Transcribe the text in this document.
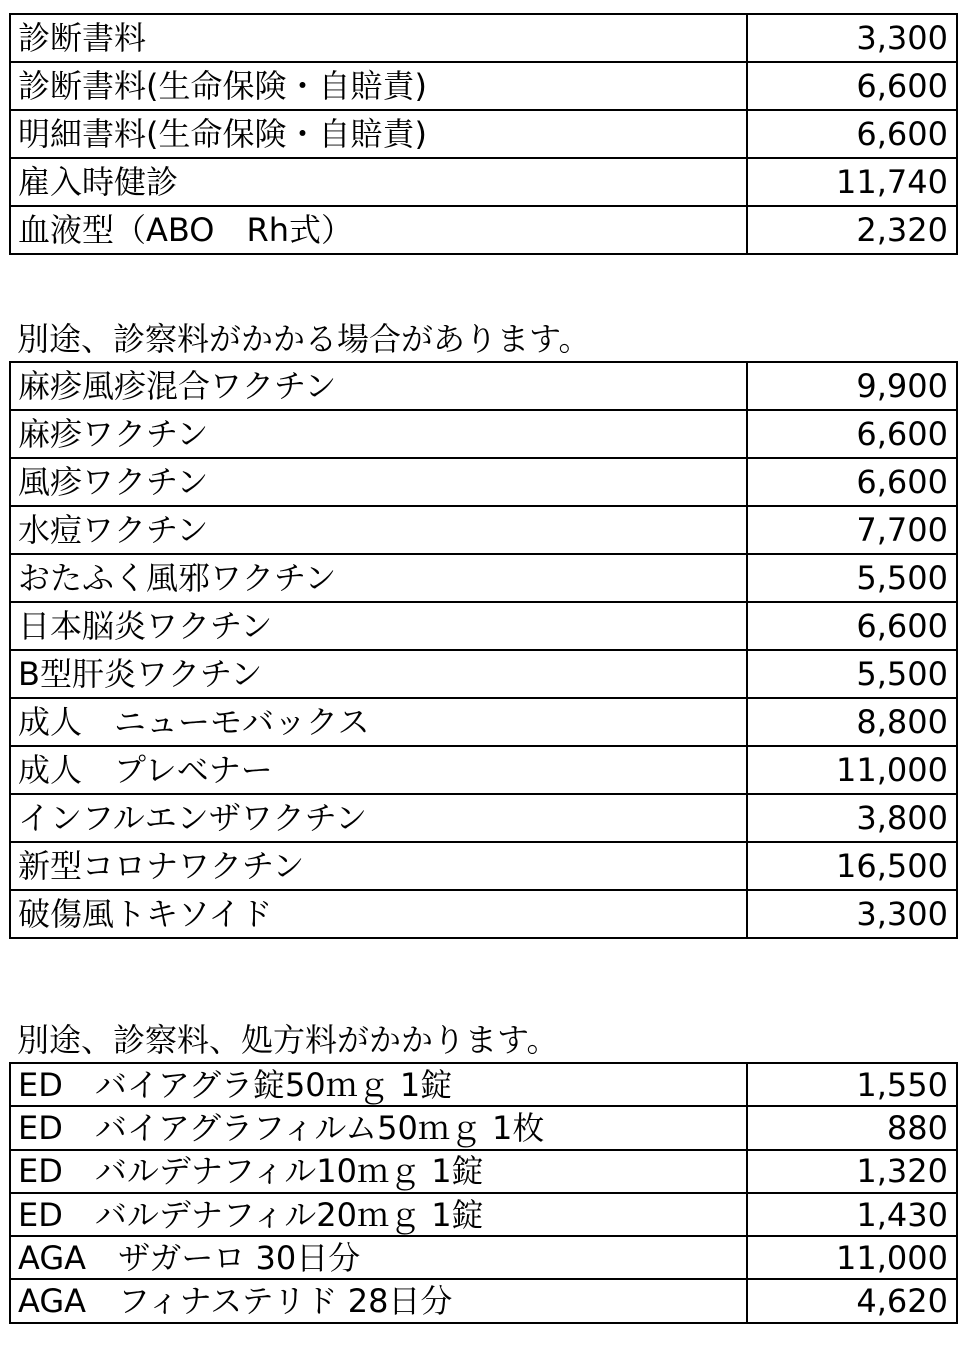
診断書料	3,300
診断書料(生命保険・自賠責)	6,600
明細書料(生命保険・自賠責)	6,600
雇入時健診	11,740
血液型（ABO　Rh式）	2,320
別途、診察料がかかる場合があります。
麻疹風疹混合ワクチン	9,900
麻疹ワクチン	6,600
風疹ワクチン	6,600
水痘ワクチン	7,700
おたふく風邪ワクチン	5,500
日本脳炎ワクチン	6,600
B型肝炎ワクチン	5,500
成人　ニューモバックス	8,800
成人　プレベナー	11,000
インフルエンザワクチン	3,800
新型コロナワクチン	16,500
破傷風トキソイド	3,300
別途、診察料、処方料がかかります。
ED　バイアグラ錠50ｍｇ 1錠	1,550
ED　バイアグラフィルム50ｍｇ 1枚	880
ED　バルデナフィル10ｍｇ 1錠	1,320
ED　バルデナフィル20ｍｇ 1錠	1,430
AGA　ザガーロ 30日分	11,000
AGA　フィナステリド 28日分	4,620
